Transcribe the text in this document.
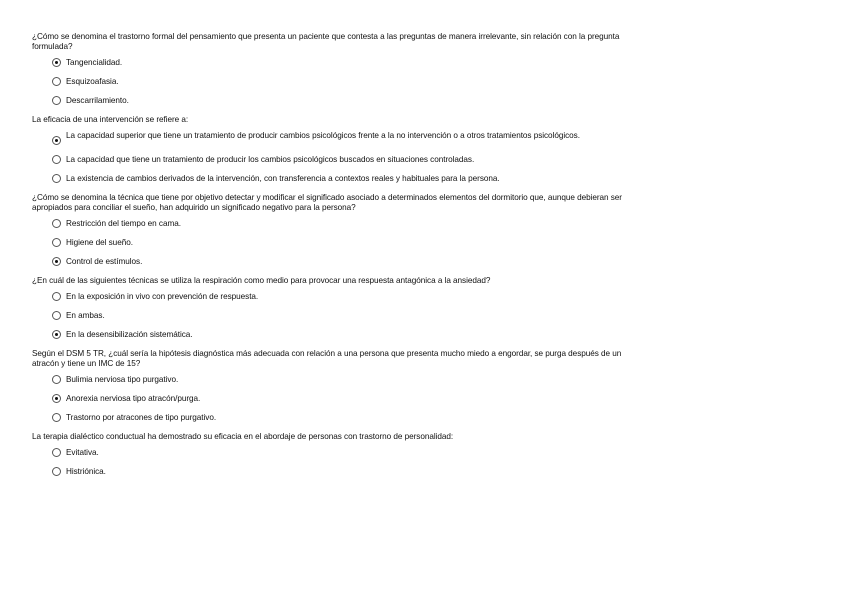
¿Cómo se denomina el trastorno formal del pensamiento que presenta un paciente que contesta a las preguntas de manera irrelevante, sin relación con la pregunta formulada?

Tangencialidad.
Esquizoafasia.
Descarrilamiento.

La eficacia de una intervención se refiere a:

La capacidad superior que tiene un tratamiento de producir cambios psicológicos frente a la no intervención o a otros tratamientos psicológicos.
La capacidad que tiene un tratamiento de producir los cambios psicológicos buscados en situaciones controladas.
La existencia de cambios derivados de la intervención, con transferencia a contextos reales y habituales para la persona.

¿Cómo se denomina la técnica que tiene por objetivo detectar y modificar el significado asociado a determinados elementos del dormitorio que, aunque debieran ser apropiados para conciliar el sueño, han adquirido un significado negativo para la persona?

Restricción del tiempo en cama.
Higiene del sueño.
Control de estímulos.

¿En cuál de las siguientes técnicas se utiliza la respiración como medio para provocar una respuesta antagónica a la ansiedad?

En la exposición in vivo con prevención de respuesta.
En ambas.
En la desensibilización sistemática.

Según el DSM 5 TR, ¿cuál sería la hipótesis diagnóstica más adecuada con relación a una persona que presenta mucho miedo a engordar, se purga después de un atracón y tiene un IMC de 15?

Bulimia nerviosa tipo purgativo.
Anorexia nerviosa tipo atracón/purga.
Trastorno por atracones de tipo purgativo.

La terapia dialéctico conductual ha demostrado su eficacia en el abordaje de personas con trastorno de personalidad:

Evitativa.
Histriónica.
